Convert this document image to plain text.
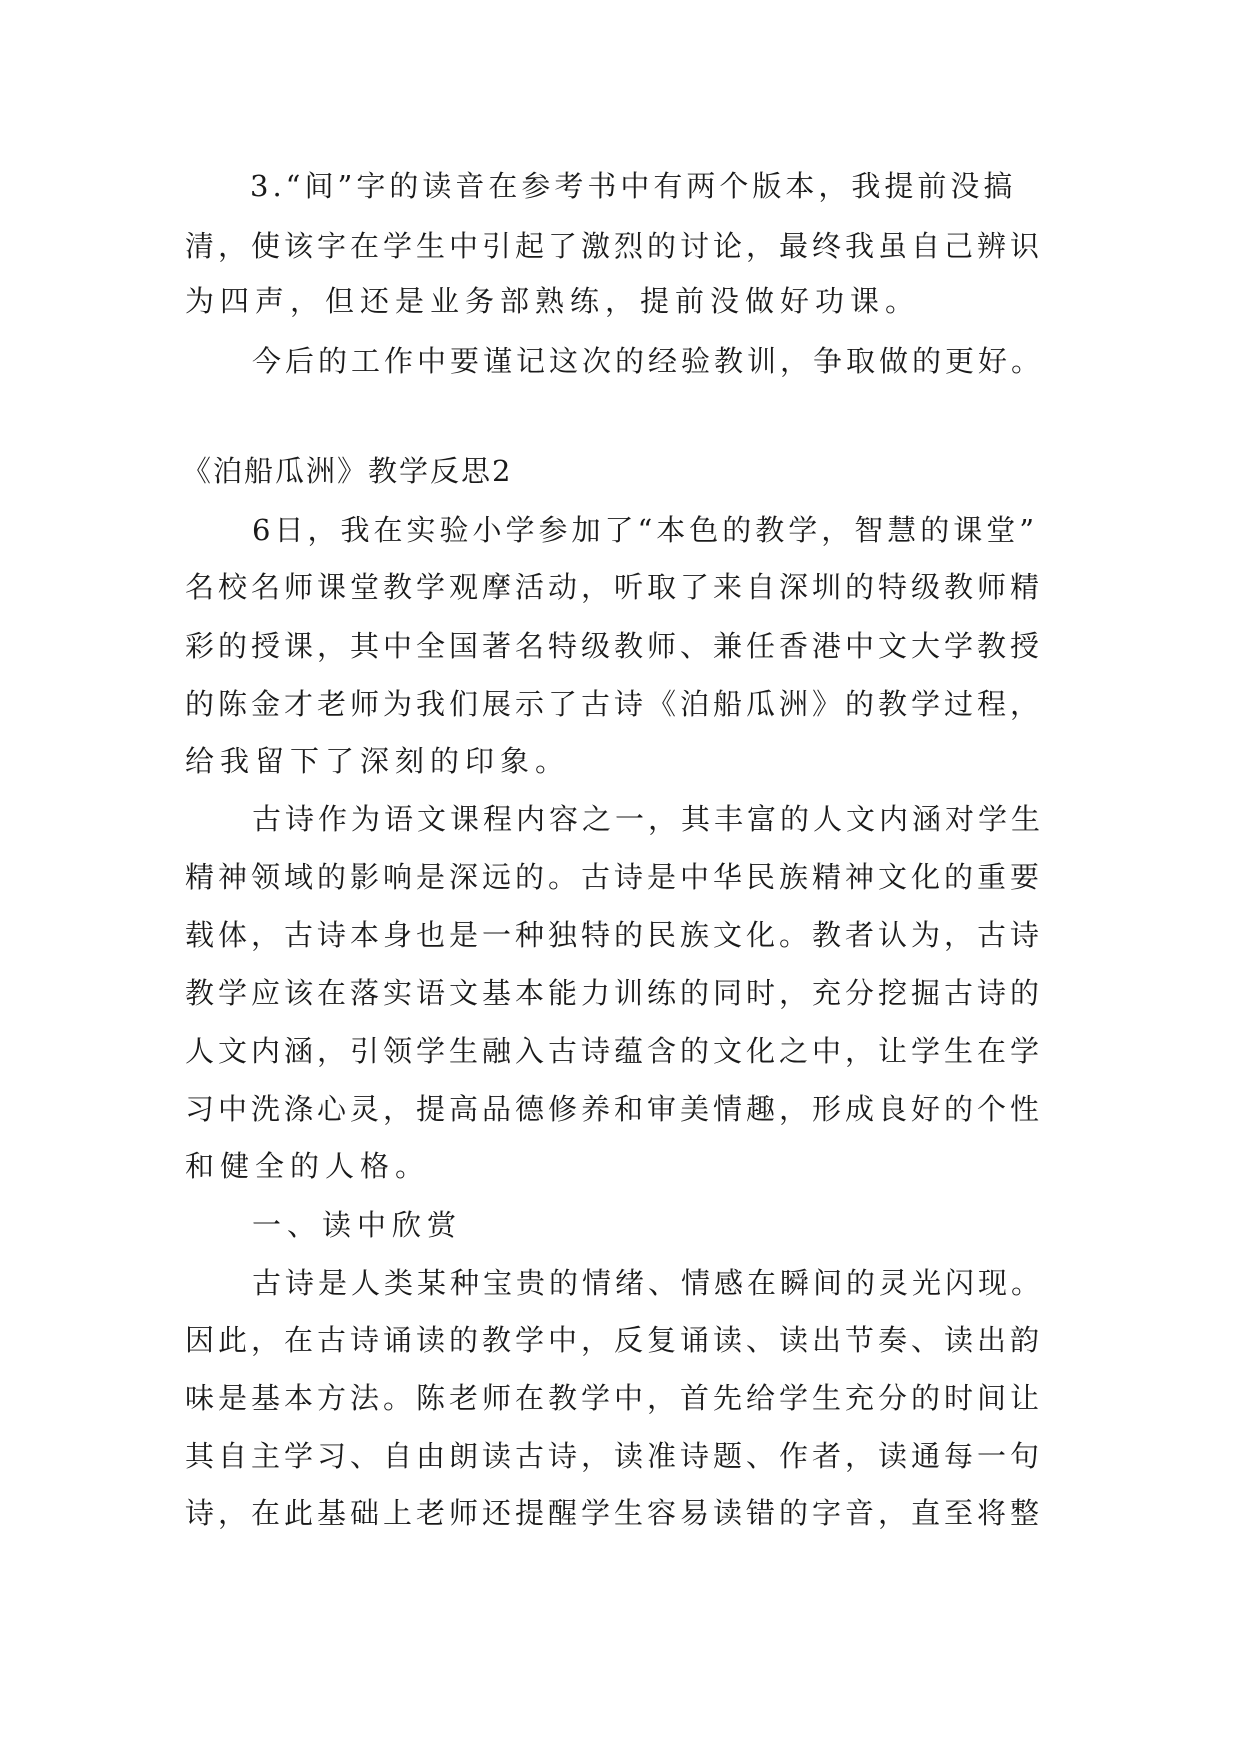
3.“间”字的读音在参考书中有两个版本，我提前没搞
清，使该字在学生中引起了激烈的讨论，最终我虽自己辨识
为四声，但还是业务部熟练，提前没做好功课。
今后的工作中要谨记这次的经验教训，争取做的更好。
《泊船瓜洲》教学反思2
6日，我在实验小学参加了“本色的教学，智慧的课堂”
名校名师课堂教学观摩活动，听取了来自深圳的特级教师精
彩的授课，其中全国著名特级教师、兼任香港中文大学教授
的陈金才老师为我们展示了古诗《泊船瓜洲》的教学过程，
给我留下了深刻的印象。
古诗作为语文课程内容之一，其丰富的人文内涵对学生
精神领域的影响是深远的。古诗是中华民族精神文化的重要
载体，古诗本身也是一种独特的民族文化。教者认为，古诗
教学应该在落实语文基本能力训练的同时，充分挖掘古诗的
人文内涵，引领学生融入古诗蕴含的文化之中，让学生在学
习中洗涤心灵，提高品德修养和审美情趣，形成良好的个性
和健全的人格。
一、读中欣赏
古诗是人类某种宝贵的情绪、情感在瞬间的灵光闪现。
因此，在古诗诵读的教学中，反复诵读、读出节奏、读出韵
味是基本方法。陈老师在教学中，首先给学生充分的时间让
其自主学习、自由朗读古诗，读准诗题、作者，读通每一句
诗，在此基础上老师还提醒学生容易读错的字音，直至将整
